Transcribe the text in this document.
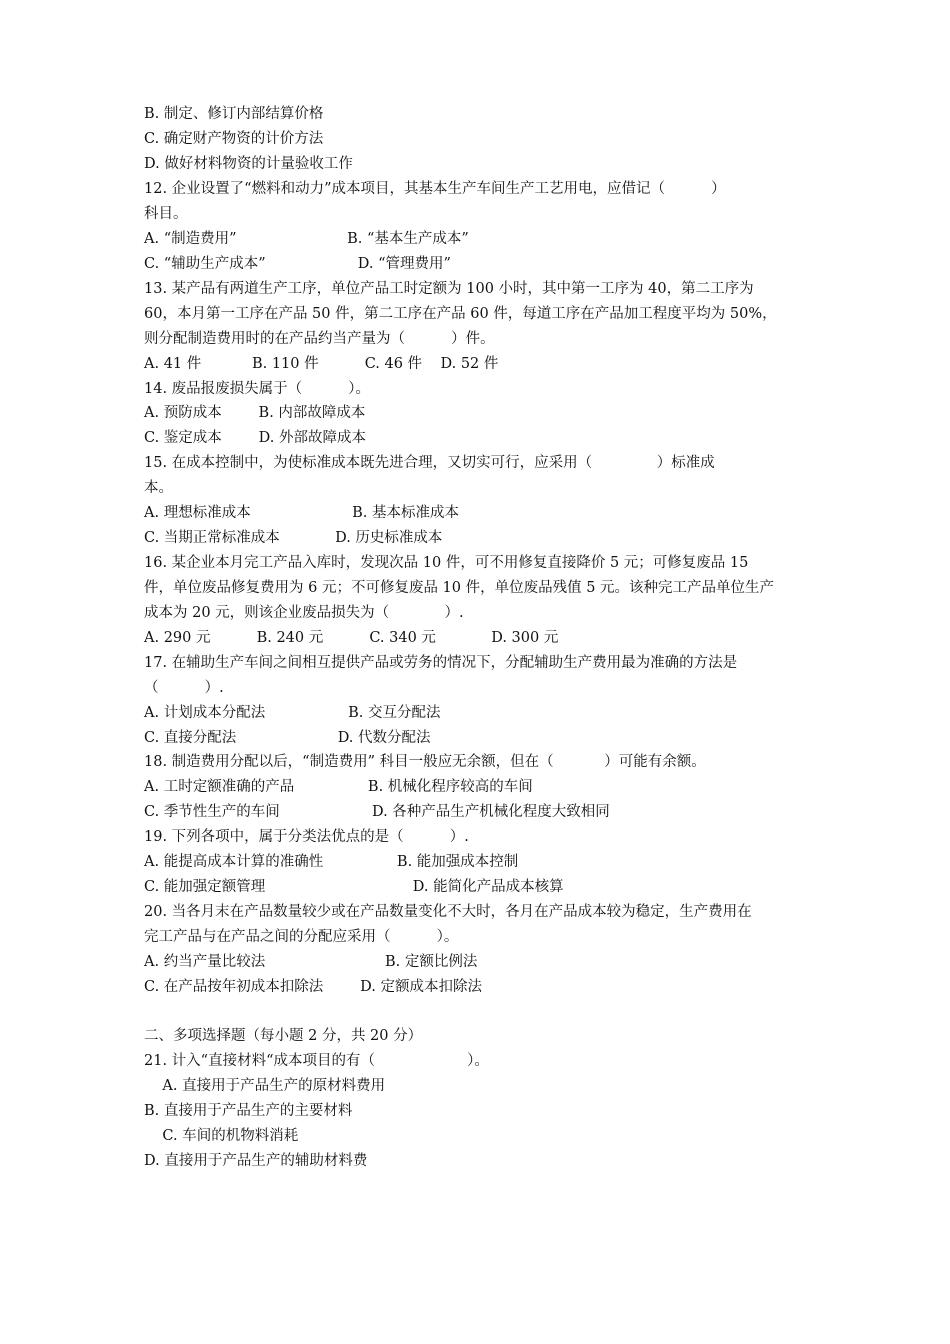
B. 制定、修订内部结算价格
C. 确定财产物资的计价方法
D. 做好材料物资的计量验收工作
12. 企业设置了“燃料和动力”成本项目，其基本生产车间生产工艺用电，应借记（          ）
科目。
A. “制造费用”                        B. “基本生产成本”
C. “辅助生产成本”                    D. “管理费用”
13. 某产品有两道生产工序，单位产品工时定额为 100 小时，其中第一工序为 40，第二工序为
60，本月第一工序在产品 50 件，第二工序在产品 60 件，每道工序在产品加工程度平均为 50%，
则分配制造费用时的在产品约当产量为（          ）件。
A. 41 件           B. 110 件          C. 46 件    D. 52 件
14. 废品报废损失属于（          ）。
A. 预防成本        B. 内部故障成本
C. 鉴定成本        D. 外部故障成本
15. 在成本控制中，为使标准成本既先进合理，又切实可行，应采用（              ）标准成
本。
A. 理想标准成本                      B. 基本标准成本
C. 当期正常标准成本            D. 历史标准成本
16. 某企业本月完工产品入库时，发现次品 10 件，可不用修复直接降价 5 元；可修复废品 15
件，单位废品修复费用为 6 元；不可修复废品 10 件，单位废品残值 5 元。该种完工产品单位生产
成本为 20 元，则该企业废品损失为（            ）.
A. 290 元          B. 240 元          C. 340 元            D. 300 元
17. 在辅助生产车间之间相互提供产品或劳务的情况下，分配辅助生产费用最为准确的方法是
（          ）.
A. 计划成本分配法                  B. 交互分配法
C. 直接分配法                      D. 代数分配法
18. 制造费用分配以后，“制造费用” 科目一般应无余额，但在（           ）可能有余额。
A. 工时定额准确的产品                B. 机械化程序较高的车间
C. 季节性生产的车间                    D. 各种产品生产机械化程度大致相同
19. 下列各项中，属于分类法优点的是（          ）.
A. 能提高成本计算的准确性                B. 能加强成本控制
C. 能加强定额管理                                D. 能简化产品成本核算
20. 当各月末在产品数量较少或在产品数量变化不大时，各月在产品成本较为稳定，生产费用在
完工产品与在产品之间的分配应采用（          ）。
A. 约当产量比较法                          B. 定额比例法
C. 在产品按年初成本扣除法        D. 定额成本扣除法
二、多项选择题（每小题 2 分，共 20 分）
21. 计入“直接材料“成本项目的有（                    ）。
A. 直接用于产品生产的原材料费用
B. 直接用于产品生产的主要材料
C. 车间的机物料消耗
D. 直接用于产品生产的辅助材料费
